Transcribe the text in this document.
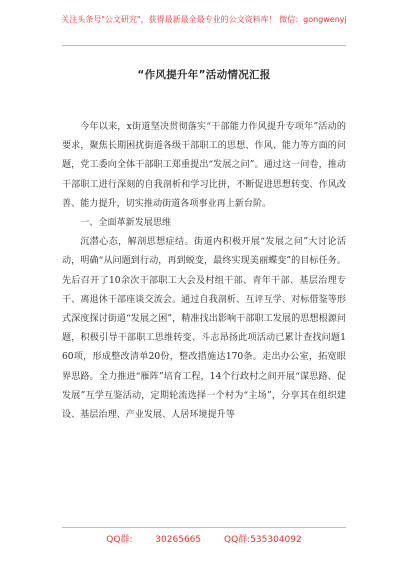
关注头条号"公文研究"，获得最新最全最专业的公文资料库！ 微信：gongwenyj
“作风提升年”活动情况汇报

今年以来，x街道坚决贯彻落实“干部能力作风提升专项年”活动的要求，聚焦长期困扰街道各级干部职工的思想、作风、能力等方面的问题，党工委向全体干部职工郑重提出“发展之问”。通过这一问卷，推动干部职工进行深刻的自我剖析和学习比拼，不断促进思想转变、作风改善、能力提升，切实推动街道各项事业再上新台阶。

一、全面革新发展思维

沉潜心态，解剖思想症结。街道内积极开展“发展之问”大讨论活动，明确“从问题到行动，再到蜕变，最终实现美丽蝶变”的目标任务。先后召开了10余次干部职工大会及村组干部、青年干部、基层治理专干、离退休干部座谈交流会。通过自我剖析、互评互学、对标借鉴等形式深度探讨街道“发展之困”，精准找出影响干部职工发展的思想根源问题，积极引导干部职工思维转变、斗志昂扬此项活动已累计查找问题160项，形成整改清单20份，整改措施达170条。走出办公室，拓宽眼界思路。全力推进“雁阵”培育工程，14个行政村之间开展“谋思路、促发展”互学互鉴活动，定期轮流选择一个村为“主场”，分享其在组织建设、基层治理、产业发展、人居环境提升等

QQ群: 30265665	QQ群:535304092
